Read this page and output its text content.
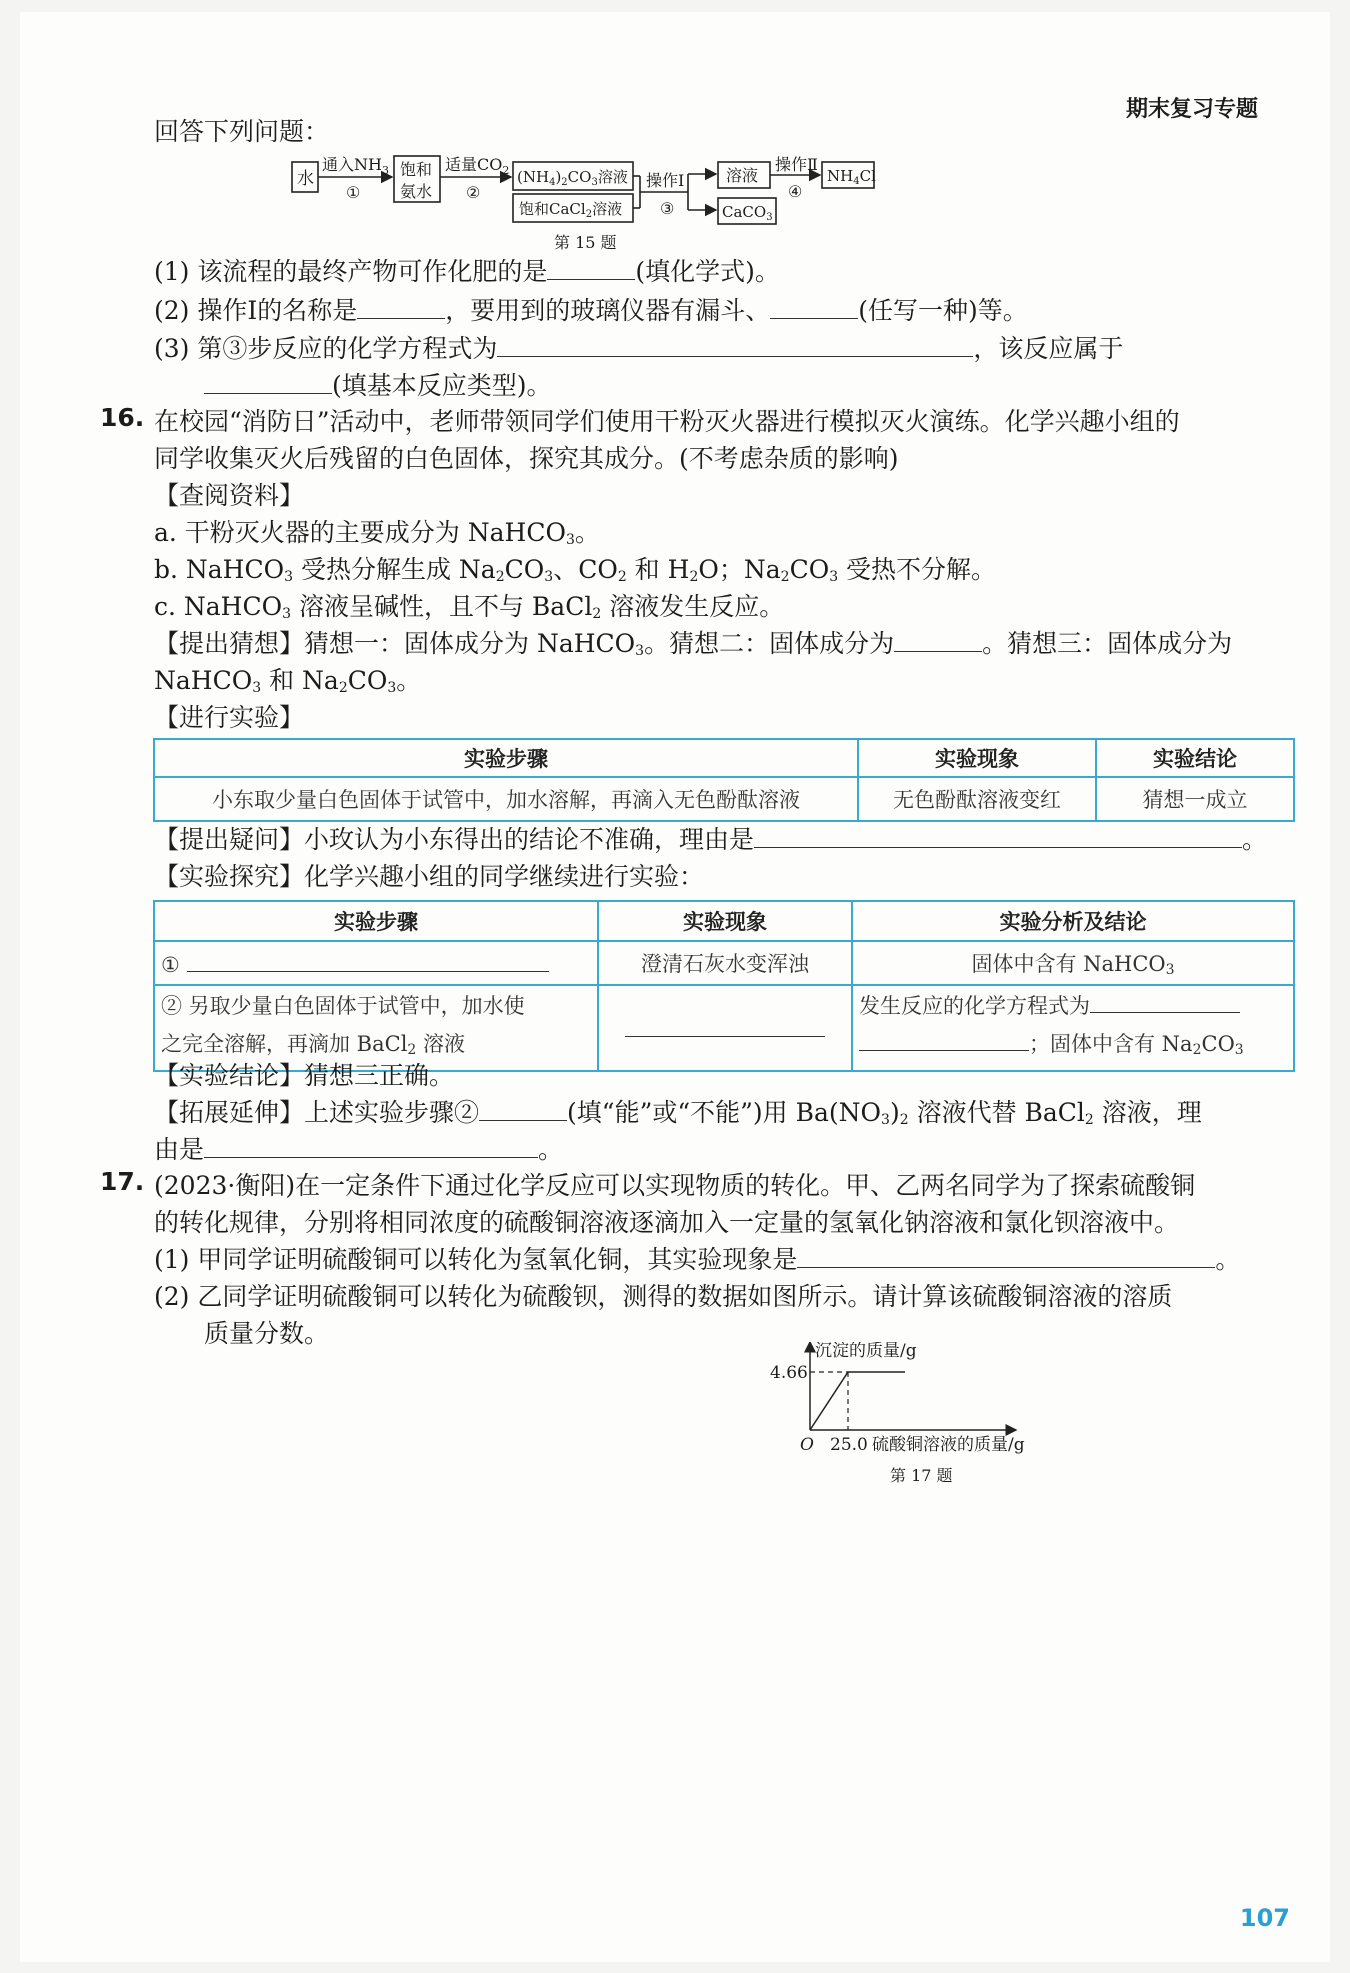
期末复习专题
回答下列问题：
水
通入$NH_3$
①
饱和
氨水
适量$CO_2$
②
$(NH_4)_2CO_3$溶液
饱和CaCl$_2$溶液
操作Ⅰ
③
溶液
CaCO$_3$
操作Ⅱ
④
$NH_4Cl$
第 15 题
(1) 该流程的最终产物可作化肥的是	(填化学式)。
(2) 操作Ⅰ的名称是	，要用到的玻璃仪器有漏斗、	(任写一种)等。
(3) 第③步反应的化学方程式为	，该反应属于
(填基本反应类型)。
16. 在校园“消防日”活动中，老师带领同学们使用干粉灭火器进行模拟灭火演练。化学兴趣小组的
同学收集灭火后残留的白色固体，探究其成分。(不考虑杂质的影响)
【查阅资料】
a. 干粉灭火器的主要成分为 NaHCO$_3$。
b. NaHCO$_3$ 受热分解生成 $Na_2CO_3$、$CO_2$ 和 $H_2O$；$Na_2CO_3$ 受热不分解。
c. NaHCO$_3$ 溶液呈碱性，且不与 BaCl$_2$ 溶液发生反应。
【提出猜想】猜想一：固体成分为 NaHCO$_3$。猜想二：固体成分为	。猜想三：固体成分为
NaHCO$_3$ 和 $Na_2CO_3$。
【进行实验】
实验步骤	实验现象	实验结论
小东取少量白色固体于试管中，加水溶解，再滴入无色酚酞溶液	无色酚酞溶液变红	猜想一成立
【提出疑问】小玫认为小东得出的结论不准确，理由是	。
【实验探究】化学兴趣小组的同学继续进行实验：
实验步骤	实验现象	实验分析及结论
①	澄清石灰水变浑浊	固体中含有 NaHCO$_3$
② 另取少量白色固体于试管中，加水使
之完全溶解，再滴加 BaCl$_2$ 溶液		发生反应的化学方程式为
；固体中含有 $Na_2CO_3$
【实验结论】猜想三正确。
【拓展延伸】上述实验步骤②	(填“能”或“不能”)用 $Ba(NO_3)_2$ 溶液代替 BaCl$_2$ 溶液，理
由是	。
17. (2023·衡阳)在一定条件下通过化学反应可以实现物质的转化。甲、乙两名同学为了探索硫酸铜
的转化规律，分别将相同浓度的硫酸铜溶液逐滴加入一定量的氢氧化钠溶液和氯化钡溶液中。
(1) 甲同学证明硫酸铜可以转化为氢氧化铜，其实验现象是	。
(2) 乙同学证明硫酸铜可以转化为硫酸钡，测得的数据如图所示。请计算该硫酸铜溶液的溶质
质量分数。
沉淀的质量/g
4.66
O 25.0 硫酸铜溶液的质量/g
第 17 题
107
